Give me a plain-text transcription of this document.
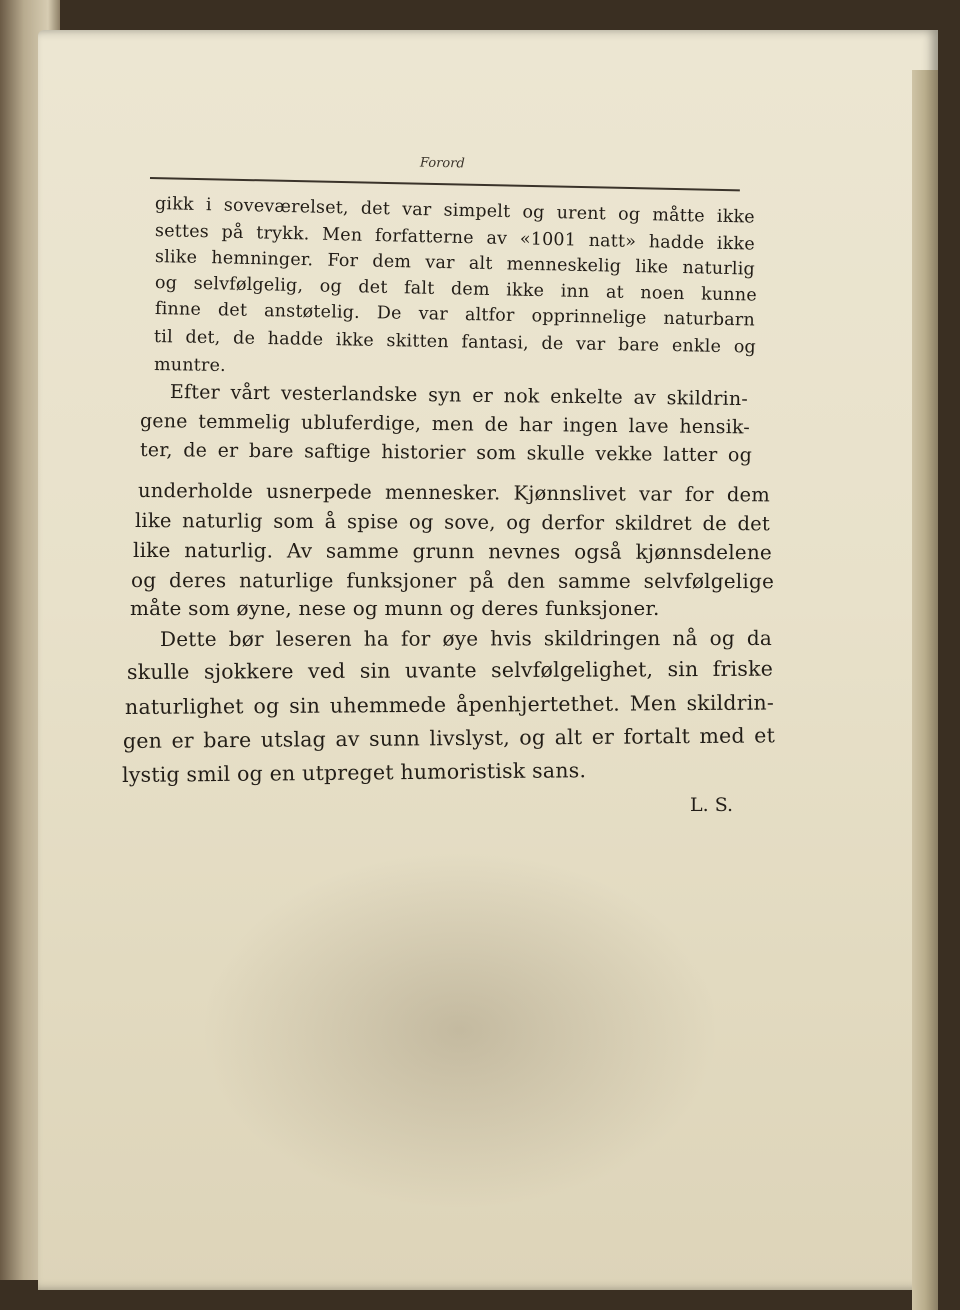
Forord
gikk i soveværelset, det var simpelt og urent og måtte ikke
settes på trykk. Men forfatterne av «1001 natt» hadde ikke
slike hemninger. For dem var alt menneskelig like naturlig
og selvfølgelig, og det falt dem ikke inn at noen kunne
finne det anstøtelig. De var altfor opprinnelige naturbarn
til det, de hadde ikke skitten fantasi, de var bare enkle og
muntre.
Efter vårt vesterlandske syn er nok enkelte av skildrin-
gene temmelig ubluferdige, men de har ingen lave hensik-
ter, de er bare saftige historier som skulle vekke latter og
underholde usnerpede mennesker. Kjønnslivet var for dem
like naturlig som å spise og sove, og derfor skildret de det
like naturlig. Av samme grunn nevnes også kjønnsdelene
og deres naturlige funksjoner på den samme selvfølgelige
måte som øyne, nese og munn og deres funksjoner.
Dette bør leseren ha for øye hvis skildringen nå og da
skulle sjokkere ved sin uvante selvfølgelighet, sin friske
naturlighet og sin uhemmede åpenhjertethet. Men skildrin-
gen er bare utslag av sunn livslyst, og alt er fortalt med et
lystig smil og en utpreget humoristisk sans.
L. S.
